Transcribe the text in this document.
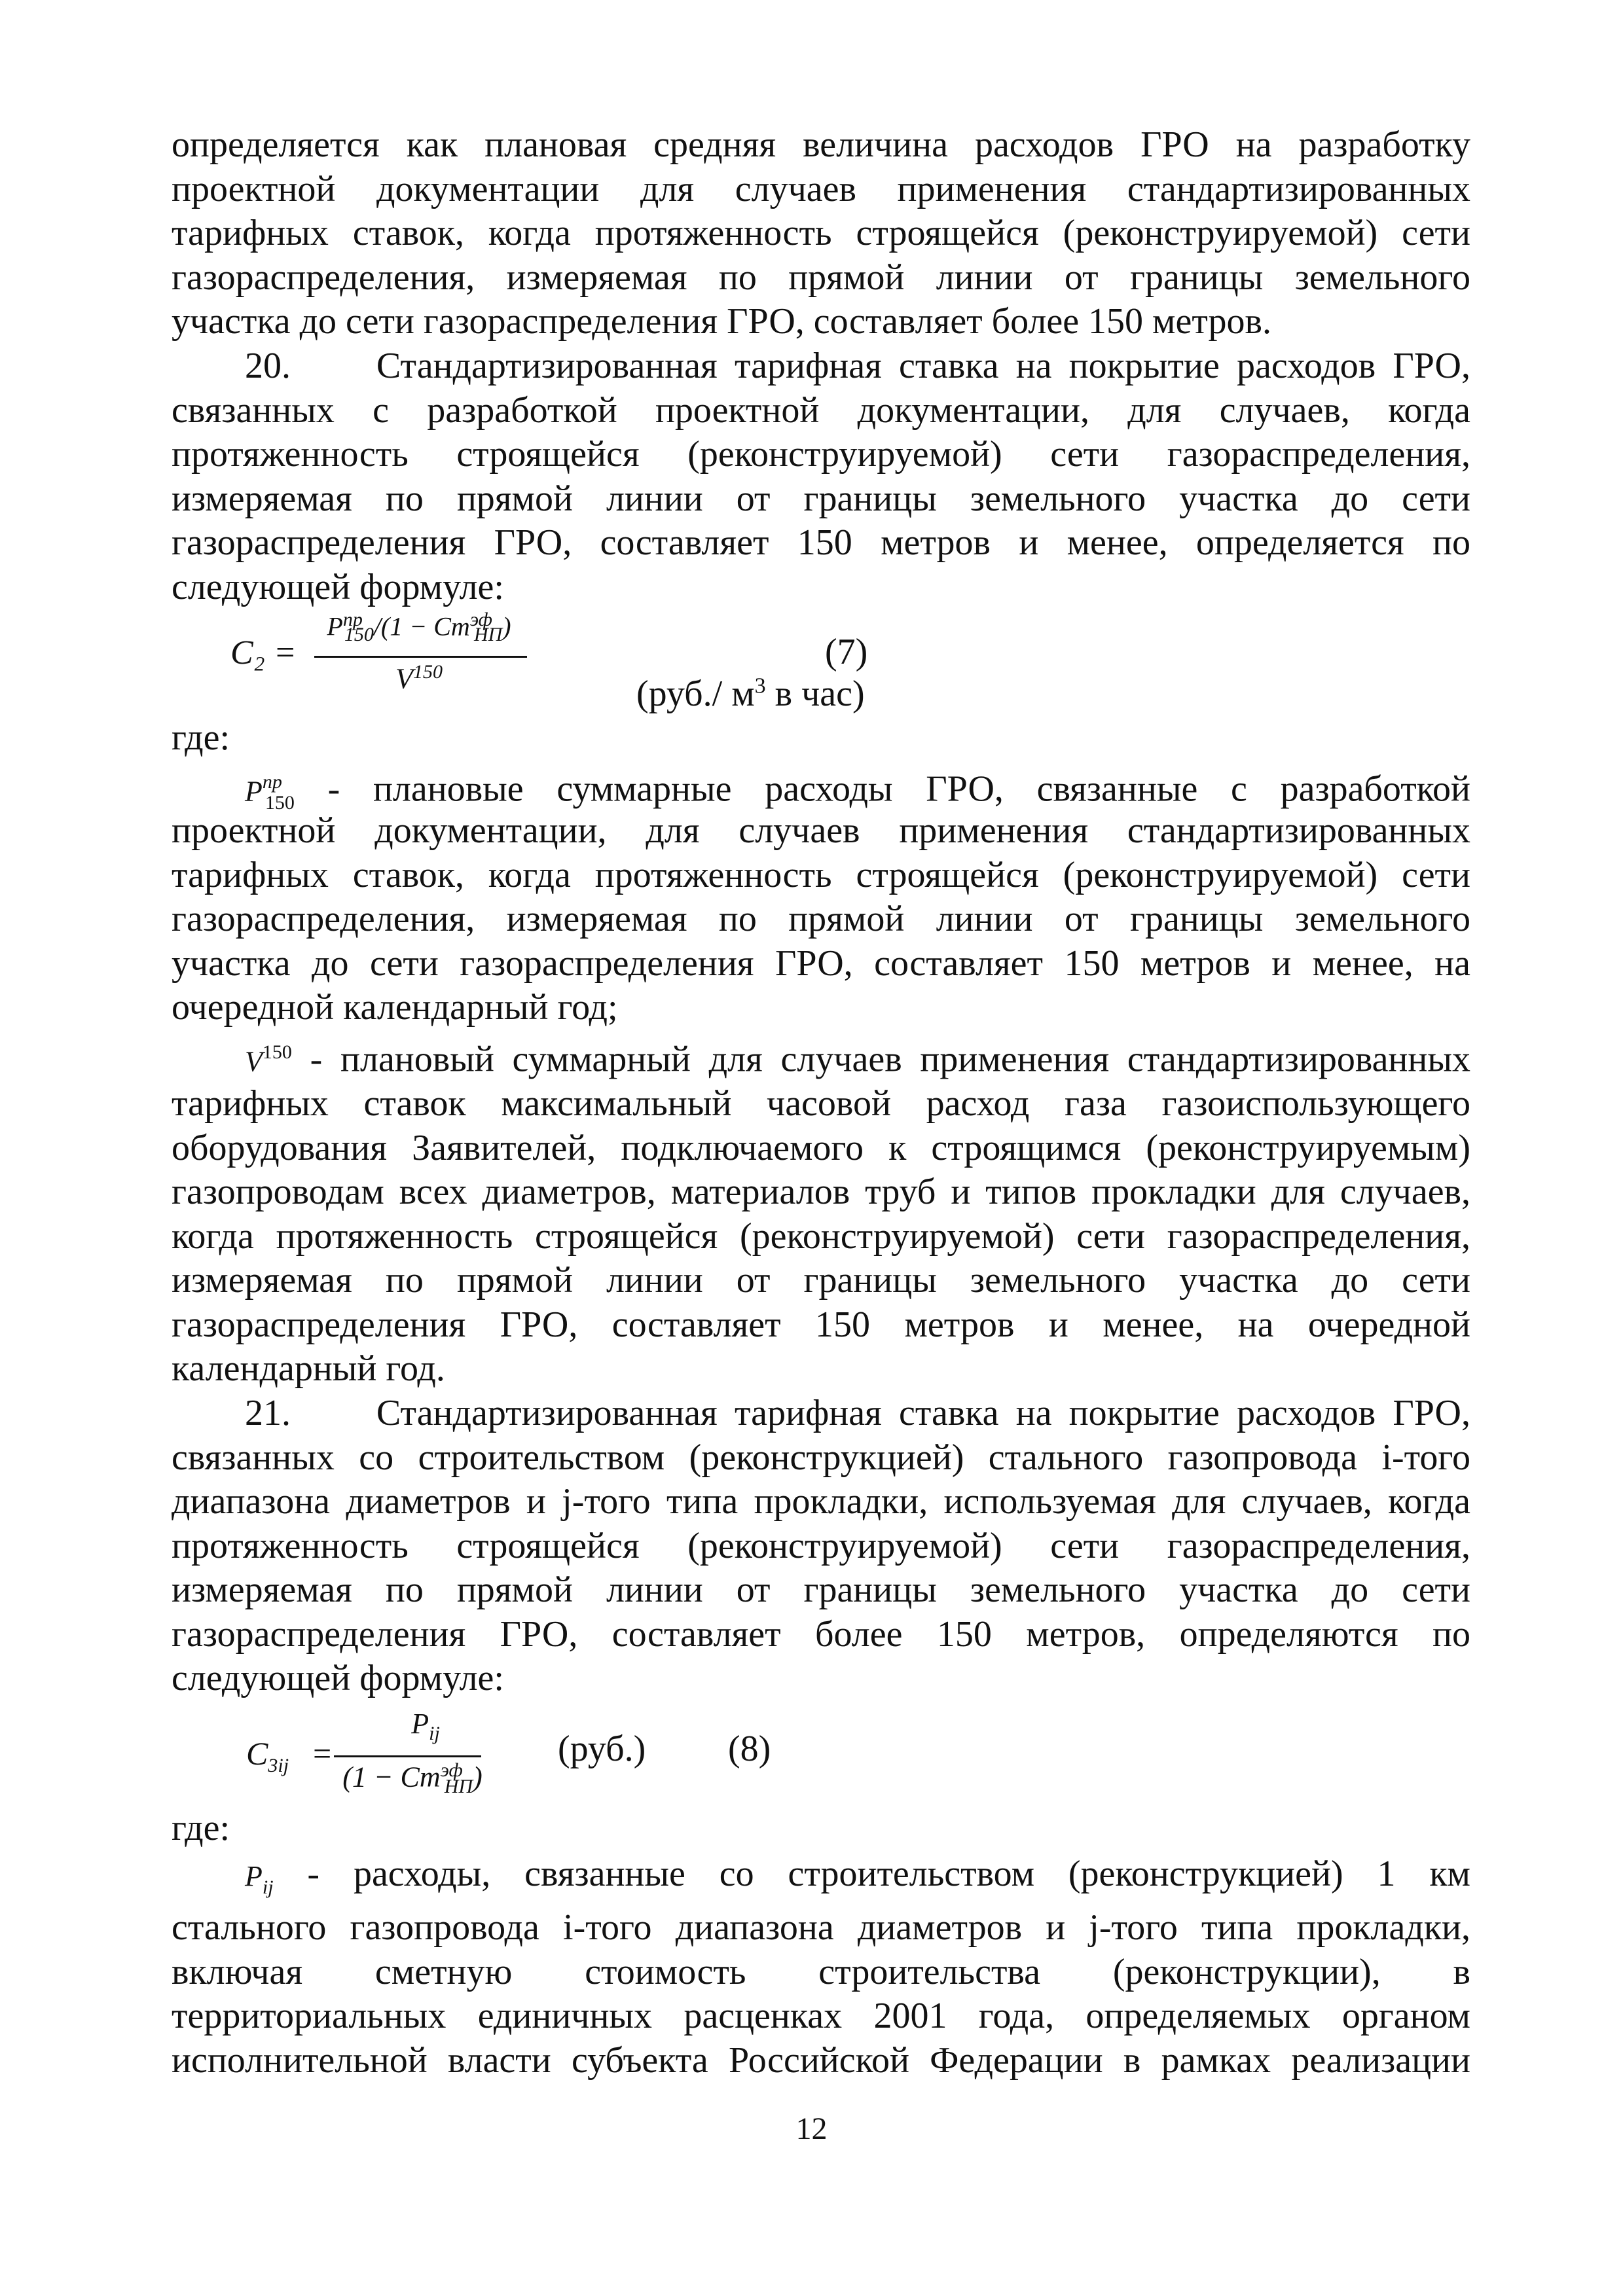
определяется как плановая средняя величина расходов ГРО на разработку
проектной документации для случаев применения стандартизированных
тарифных ставок, когда протяженность строящейся (реконструируемой) сети
газораспределения, измеряемая по прямой линии от границы земельного
участка до сети газораспределения ГРО, составляет более 150 метров.
20.     Стандартизированная тарифная ставка на покрытие расходов ГРО,
связанных с разработкой проектной документации, для случаев, когда
протяженность строящейся (реконструируемой) сети газораспределения,
измеряемая по прямой линии от границы земельного участка до сети
газораспределения ГРО, составляет 150 метров и менее, определяется по
следующей формуле:
C₂ =
$P^{пр}_{150}/(1 - Cm^{эф}_{НП})$
$V^{150}$

(руб./ $м^3$ в час)

(7)
где:
$P^{пр}_{150}$ - плановые суммарные расходы ГРО, связанные с разработкой
проектной документации, для случаев применения стандартизированных
тарифных ставок, когда протяженность строящейся (реконструируемой) сети
газораспределения, измеряемая по прямой линии от границы земельного
участка до сети газораспределения ГРО, составляет 150 метров и менее, на
очередной календарный год;
$V^{150}$ - плановый суммарный для случаев применения стандартизированных
тарифных ставок максимальный часовой расход газа газоиспользующего
оборудования Заявителей, подключаемого к строящимся (реконструируемым)
газопроводам всех диаметров, материалов труб и типов прокладки для случаев,
когда протяженность строящейся (реконструируемой) сети газораспределения,
измеряемая по прямой линии от границы земельного участка до сети
газораспределения ГРО, составляет 150 метров и менее, на очередной
календарный год.
21.     Стандартизированная тарифная ставка на покрытие расходов ГРО,
связанных со строительством (реконструкцией) стального газопровода i-того
диапазона диаметров и j-того типа прокладки, используемая для случаев, когда
протяженность строящейся (реконструируемой) сети газораспределения,
измеряемая по прямой линии от границы земельного участка до сети
газораспределения ГРО, составляет более 150 метров, определяются по
следующей формуле:
$C_{3ij}$ =
$P_{ij}$
$(1 - Cm^{эф}_{НП})$
(руб.) (8)
где:
$P_{ij}$ - расходы, связанные со строительством (реконструкцией) 1 км
стального газопровода i-того диапазона диаметров и j-того типа прокладки,
включая сметную стоимость строительства (реконструкции), в
территориальных единичных расценках 2001 года, определяемых органом
исполнительной власти субъекта Российской Федерации в рамках реализации
12
